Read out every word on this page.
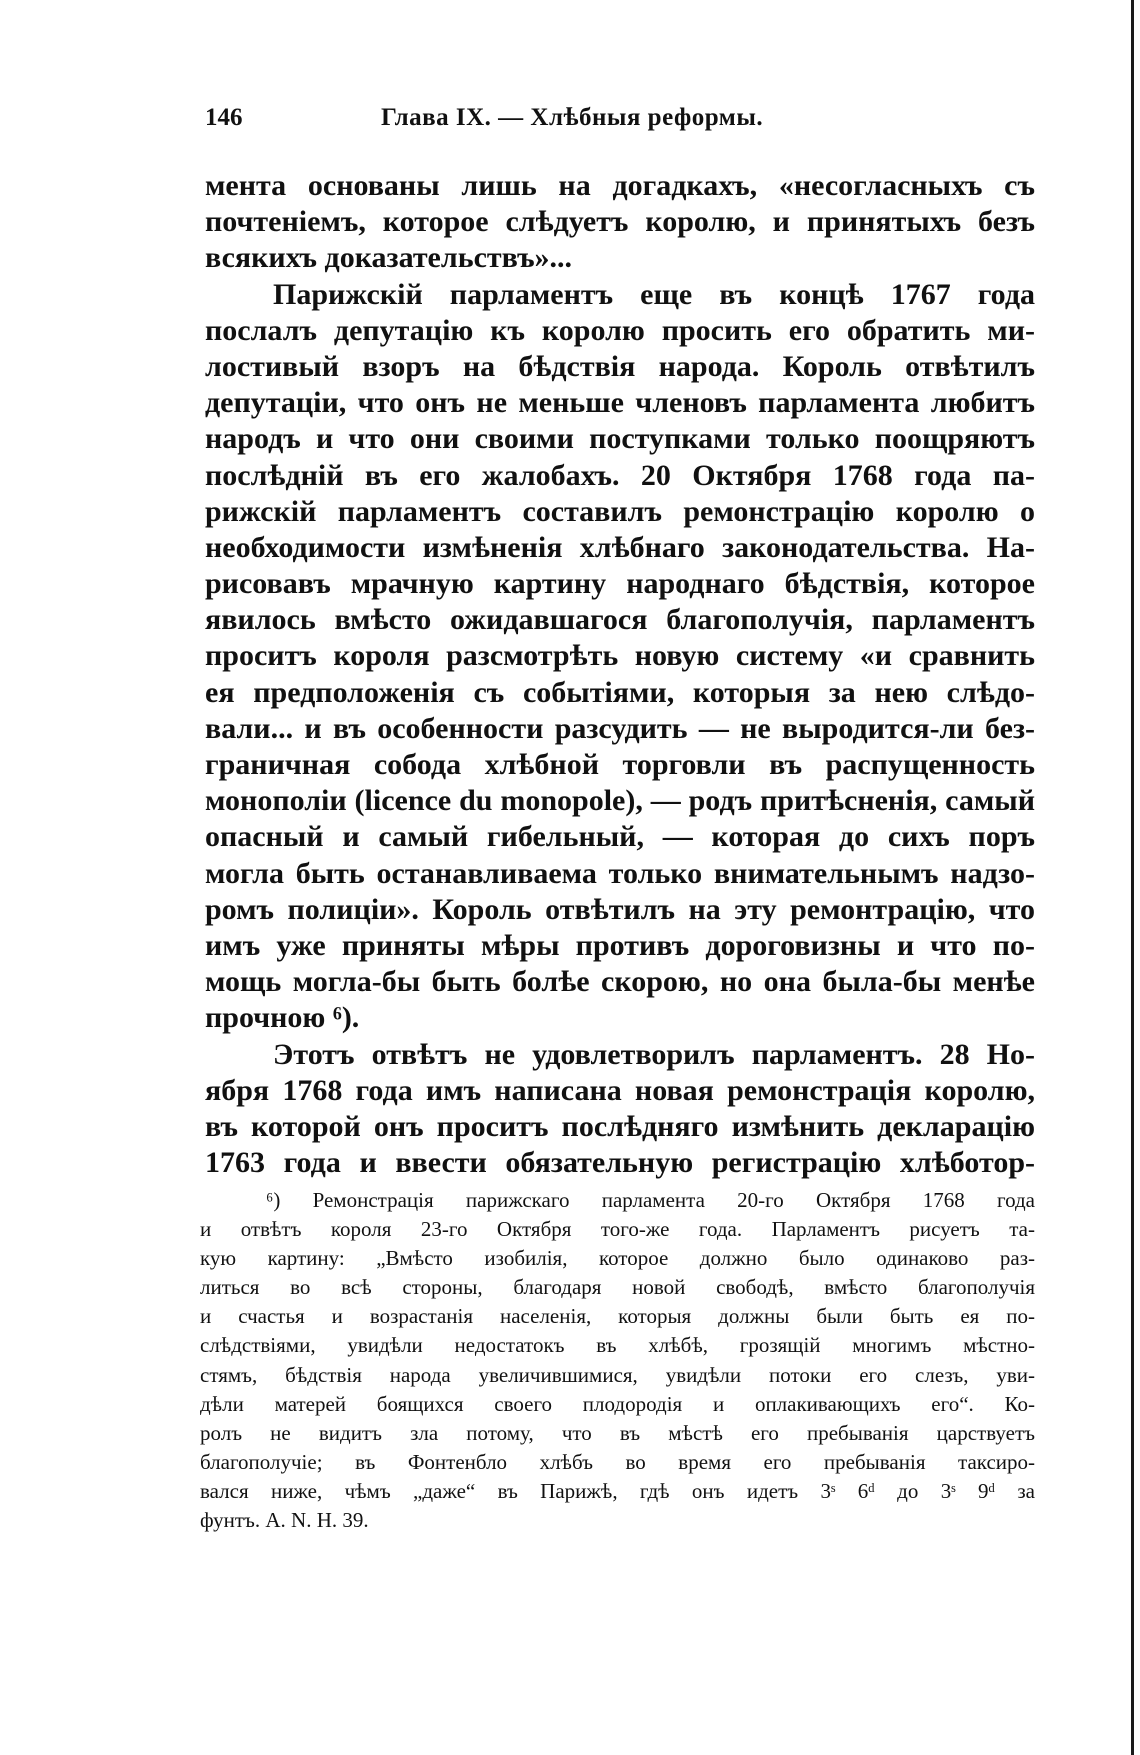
146	Глава IX. — Хлѣбныя реформы.
мента основаны лишь на догадкахъ, «несогласныхъ съ
почтеніемъ, которое слѣдуетъ королю, и принятыхъ безъ
всякихъ доказательствъ»...
Парижскій парламентъ еще въ концѣ 1767 года
послалъ депутацію къ королю просить его обратить ми-
лостивый взоръ на бѣдствія народа. Король отвѣтилъ
депутаціи, что онъ не меньше членовъ парламента любитъ
народъ и что они своими поступками только поощряютъ
послѣдній въ его жалобахъ. 20 Октября 1768 года па-
рижскій парламентъ составилъ ремонстрацію королю о
необходимости измѣненія хлѣбнаго законодательства. На-
рисовавъ мрачную картину народнаго бѣдствія, которое
явилось вмѣсто ожидавшагося благополучія, парламентъ
проситъ короля разсмотрѣть новую систему «и сравнить
ея предположенія съ событіями, которыя за нею слѣдо-
вали... и въ особенности разсудить — не выродится-ли без-
граничная собода хлѣбной торговли въ распущенность
монополіи (licence du monopole), — родъ притѣсненія, самый
опасный и самый гибельный, — которая до сихъ поръ
могла быть останавливаема только внимательнымъ надзо-
ромъ полиціи». Король отвѣтилъ на эту ремонтрацію, что
имъ уже приняты мѣры противъ дороговизны и что по-
мощь могла-бы быть болѣе скорою, но она была-бы менѣе
прочною ⁶).
Этотъ отвѣтъ не удовлетворилъ парламентъ. 28 Но-
ября 1768 года имъ написана новая ремонстрація королю,
въ которой онъ проситъ послѣдняго измѣнить декларацію
1763 года и ввести обязательную регистрацію хлѣботор-
⁶) Ремонстрація парижскаго парламента 20-го Октября 1768 года
и отвѣтъ короля 23-го Октября того-же года. Парламентъ рисуетъ та-
кую картину: „Вмѣсто изобилія, которое должно было одинаково раз-
литься во всѣ стороны, благодаря новой свободѣ, вмѣсто благополучія
и счастья и возрастанія населенія, которыя должны были быть ея по-
слѣдствіями, увидѣли недостатокъ въ хлѣбѣ, грозящій многимъ мѣстно-
стямъ, бѣдствія народа увеличившимися, увидѣли потоки его слезъ, уви-
дѣли матерей боящихся своего плодородія и оплакивающихъ его“. Ко-
ролъ не видитъ зла потому, что въ мѣстѣ его пребыванія царствуетъ
благополучіе; въ Фонтенбло хлѣбъ во время его пребыванія таксиро-
вался ниже, чѣмъ „даже“ въ Парижѣ, гдѣ онъ идетъ 3ˢ 6ᵈ до 3ˢ 9ᵈ за
фунтъ. A. N. H. 39.
